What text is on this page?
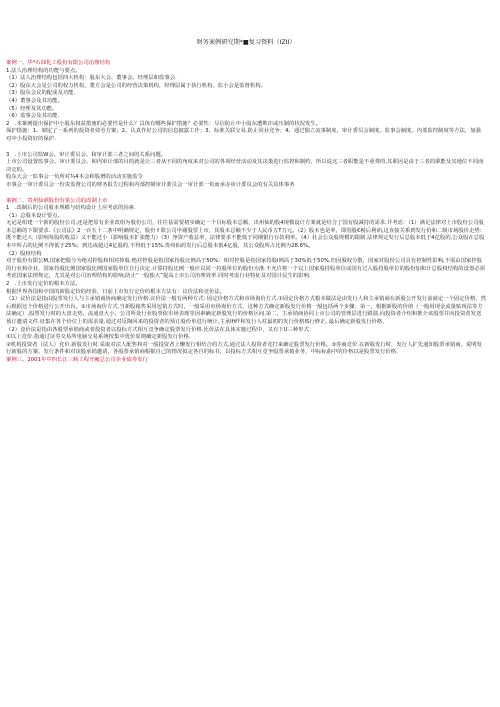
财务案例研究期*■复习资料（IZII）

案例一、华*石油化工股份有限公司治理结构

1.法人治理结构的功能与要点。

（1）法人治理结构包括四大机构：股东大会、董事会、经理层和监事会.

（2）股东大会是公司的权力机构，董方会是公司的经营决策机构，经理层属于执行机构，监小会是监督机构。

（3）股东会议的配成及功能.

（4）董事会及其功能。

（5）经理及其功能。

（6）监事会及其功能.

2　.本案例提出保护中小股东权益措施的必要性是什么？具体有哪些保护措施？必要性：尽信防止中小股东遭欺诈或压制的状况发生。

保护措施：1、制定了一系列的投资者效劳方案；2、认真作好公司的信息披露工作；3、标准关联交易,防止同业竞争；4、通过独立流事制度、审计委员会制度、监事会制度、内部监控制度等方法，加强对中小投资好的保护.

3　.上市公司监W会、审计委员会、和审计部三者之间的关系问题。

上市公司设置监事会、审计委员会、和内审计部的目的就是让三者从不同的角度来对公司的各项经营活动及其决策进行监控和制约，所以说这三者职能是不重费的,其职因是由于三者的职能及其地位不同而决定的。

股东大会一监事会一负所对¾4本会和股增的活动实施监令

市事会一审计委员会一份责监督公司的财务报告过程和内部控制审计委员会一审计部一负而承办审计委员会的有关具体事务

案例二、贵州仙酒股份有果公司的改制上市

1　.改制后的公司股本规模与给构设计上应考虑的因素.

（1）总股本设计要点。

无论是组建一个新的股份公司,还是把原有企业改组为股份公司，往往祛需要初步确定一个目标股本总额，出州仙的股4规模设计方案就是结合了国有股减持的需求.并考虑：（1）满足法律对上市股份公司股本总额的下限要求.《公司法》2一百五十二条中明确规定，股份 f 限公司申谢股票上市，其股本总额不少于人民币五T力元。（2）股本也是率，即围股€税后利润,这直接关系到发行价和二级市场股价走势：既不能过大（影响每股的收益）又不能过小（影响股本扩张能力）（3）净资产收益率。法律要求不能低于同期银行存款利率。（4）社会公众股规模的限制.法律规定发行后总股本低于4亿股的,公众股在总股本中所占的比例不得低于25%；到达或超过4亿股的,不得低于15%.贵州仙的发行后总股本低4亿股，其公众股所占比例为28.6%。

（2）股权结构

对于股份有限公M,国家把股分为绝对控股和相对掉股.绝对控股是指国家持股比例高于50%：相对控股是指国家持股l例高于30%低于50%,但因股权分散，国家对股份公司具有控制性影响,不需由国家控股的行业和企业，国家持股比例国家股比例国家股单位自行决定.计算持股比例一般应以同一持股单位的股份为准.不允许将一个以上国家股持股单位或国有过入股持股单位的股份加和计总股权结构的设置必须考虑国家法律规定，尤其是对公司治理结构的影响,防止“一股独大”提高上市公司治理效率.同时考虑行业特征及对国计民生的影响.

2　.上市发行定价的根本方法。

根据世界各国和中国的新股定价的经验，日前上市发行定价的根本方法有：议价法和竞价法。

（1）议价法是指由股票发行人与主承销商协商确定发行价格.议价法一般有两种方式: 固定价格方式和市场询价方式.①固定价格方式根本做法是由发行人和主承销商在新股公开发行前商定一个固定价格，然后根据这个价格进行公开出台。②市场询价方式.当新股箱售采用包销方式时，一般采用市场询价方式，这种方式确定新股发行价格一般包括两个步骤：第一，根据新股的价值（一般用现金流量贴现法等方法确定）,股票发行时的大盘走势、流通盘大小、公司所处行业股票依市场表现等因素确定新股发行的价格区间.第二，主承销商协同上市公司的管理层进行路演.向投资者介绍和推介该股票并向投资者发送预订邀请文件.征集在各个价位上的需求量.通过对反陶回来的投资者的预订股份单进行统计,主承lfi纤和发行人对最初的发行价格lS行修正, 最后确定新股发行价格，

（2）竟价法是指由各股票承销商或者投资者以投标方式相互竞争确定股票发行价格.比价法在具体实施过程中，又有下U三种形式：

①以上竞价.指通过证券交易所电脑交易系统按集中优价原则确定新股发行价格.

②机构投资者（法人）竞价.新股发行时.采取对法人配售和对一般投资者上懒发行相结合的方式,通过法人投资者竞打来确定股票发行价格。③券商竞价.在新股发行时，发行人扩先通知股票承销商，说明发行新股的方案、发行条件和对该股承销邀请，各股票承销商根据自己的情况拟定各自的标书，以投标方式相互竞争股票承销业务，中标标曲中的价格以是股票发行价格.

案例三、2001年中四长江三峡工程开瘢总公司企业债券发行
